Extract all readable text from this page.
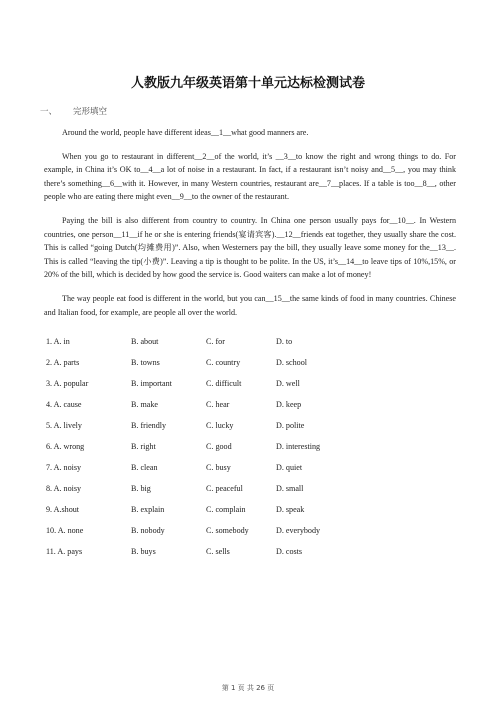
人教版九年级英语第十单元达标检测试卷
一、 完形填空

Around the world, people have different ideas__1__what good manners are.

When you go to restaurant in different__2__of the world, it’s __3__to know the right and wrong things to do. For example, in China it’s OK to__4__a lot of noise in a restaurant. In fact, if a restaurant isn’t noisy and__5__, you may think there’s something__6__with it. However, in many Western countries, restaurant are__7__places. If a table is too__8__, other people who are eating there might even__9__to the owner of the restaurant.

Paying the bill is also different from country to country. In China one person usually pays for__10__. In Western countries, one person__11__if he or she is entering friends(宴请宾客).__12__friends eat together, they usually share the cost. This is called “going Dutch(均摊费用)”. Also, when Westerners pay the bill, they usually leave some money for the__13__. This is called “leaving the tip(小费)”. Leaving a tip is thought to be polite. In the US, it’s__14__to leave tips of 10%,15%, or 20% of the bill, which is decided by how good the service is. Good waiters can make a lot of money!

The way people eat food is different in the world, but you can__15__the same kinds of food in many countries. Chinese and Italian food, for example, are people all over the world.

1. A. in	B. about	C. for	D. to
2. A. parts	B. towns	C. country	D. school
3. A. popular	B. important	C. difficult	D. well
4. A. cause	B. make	C. hear	D. keep
5. A. lively	B. friendly	C. lucky	D. polite
6. A. wrong	B. right	C. good	D. interesting
7. A. noisy	B. clean	C. busy	D. quiet
8. A. noisy	B. big	C. peaceful	D. small
9. A.shout	B. explain	C. complain	D. speak
10. A. none	B. nobody	C. somebody	D. everybody
11. A. pays	B. buys	C. sells	D. costs
第 1 页 共 26 页
